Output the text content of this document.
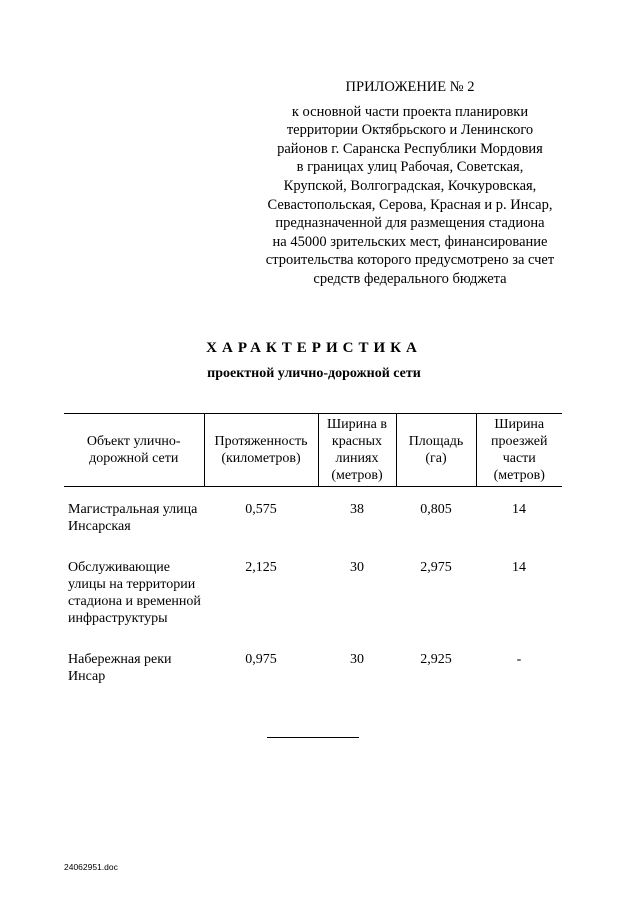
ПРИЛОЖЕНИЕ № 2
к основной части проекта планировки
территории Октябрьского и Ленинского
районов г. Саранска Республики Мордовия
в границах улиц Рабочая, Советская,
Крупской, Волгоградская, Кочкуровская,
Севастопольская, Серова, Красная и р. Инсар,
предназначенной для размещения стадиона
на 45000 зрительских мест, финансирование
строительства которого предусмотрено за счет
средств федерального бюджета
ХАРАКТЕРИСТИКА
проектной улично-дорожной сети
Объект улично-дорожной сети	Протяженность (километров)	Ширина в красных линиях (метров)	Площадь (га)	Ширина проезжей части (метров)
Магистральная улица Инсарская	0,575	38	0,805	14
Обслуживающие улицы на территории стадиона и временной инфраструктуры	2,125	30	2,975	14
Набережная реки Инсар	0,975	30	2,925	-
24062951.doc
